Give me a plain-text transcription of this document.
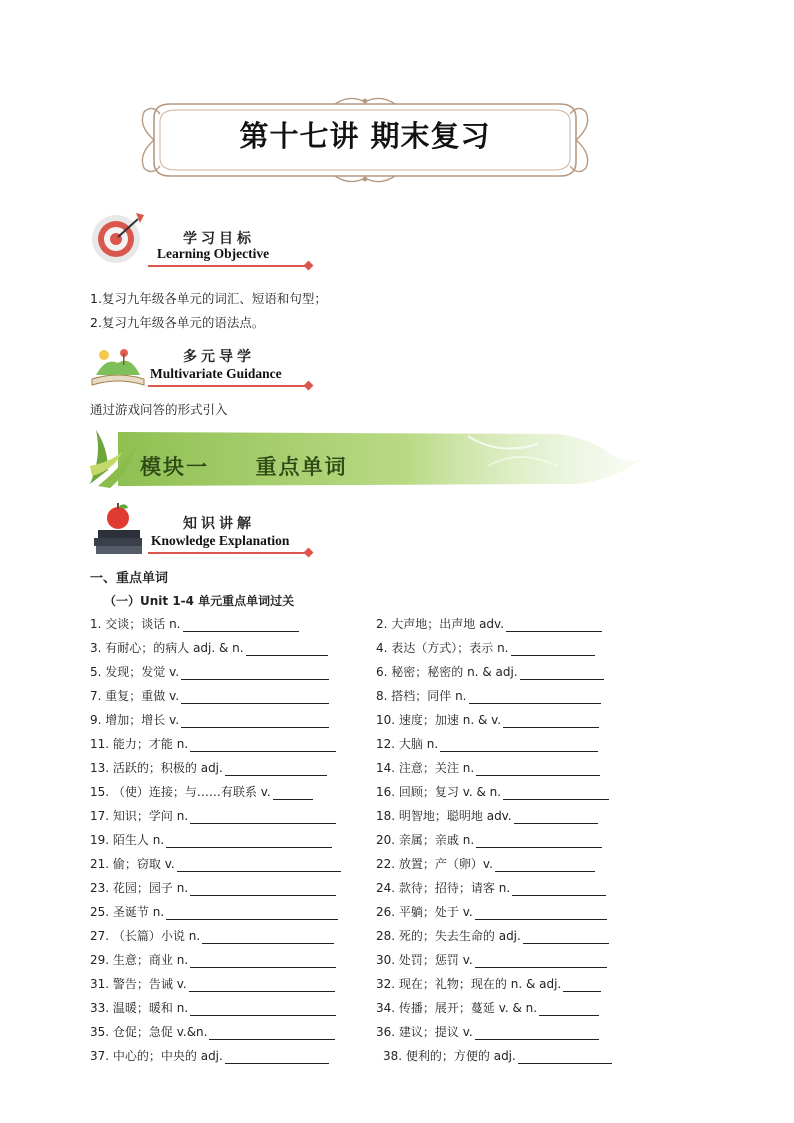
第十七讲 期末复习
学习目标
Learning Objective
1.复习九年级各单元的词汇、短语和句型；
2.复习九年级各单元的语法点。
多元导学
Multivariate Guidance
通过游戏问答的形式引入
模块一     重点单词
知识讲解
Knowledge Explanation
一、重点单词
（一）Unit 1-4 单元重点单词过关
1. 交谈；谈话 n.
3. 有耐心；的病人 adj. & n.
5. 发现；发觉 v.
7. 重复；重做 v.
9. 增加；增长 v.
11. 能力；才能 n.
13. 活跃的；积极的 adj.
15. （使）连接；与……有联系 v.
17. 知识；学问 n.
19. 陌生人 n.
21. 偷；窃取 v.
23. 花园；园子 n.
25. 圣诞节 n.
27. （长篇）小说 n.
29. 生意；商业 n.
31. 警告；告诫 v.
33. 温暖；暖和 n.
35. 仓促；急促 v.&n.
37. 中心的；中央的 adj.
2. 大声地；出声地 adv.
4. 表达（方式）；表示 n.
6. 秘密；秘密的 n. & adj.
8. 搭档；同伴 n.
10. 速度；加速 n. & v.
12. 大脑 n.
14. 注意；关注 n.
16. 回顾；复习 v. & n.
18. 明智地；聪明地 adv.
20. 亲属；亲戚 n.
22. 放置；产（卵）v.
24. 款待；招待；请客 n.
26. 平躺；处于 v.
28. 死的；失去生命的 adj.
30. 处罚；惩罚 v.
32. 现在；礼物；现在的 n. & adj.
34. 传播；展开；蔓延 v. & n.
36. 建议；提议 v.
38. 便利的；方便的 adj.
